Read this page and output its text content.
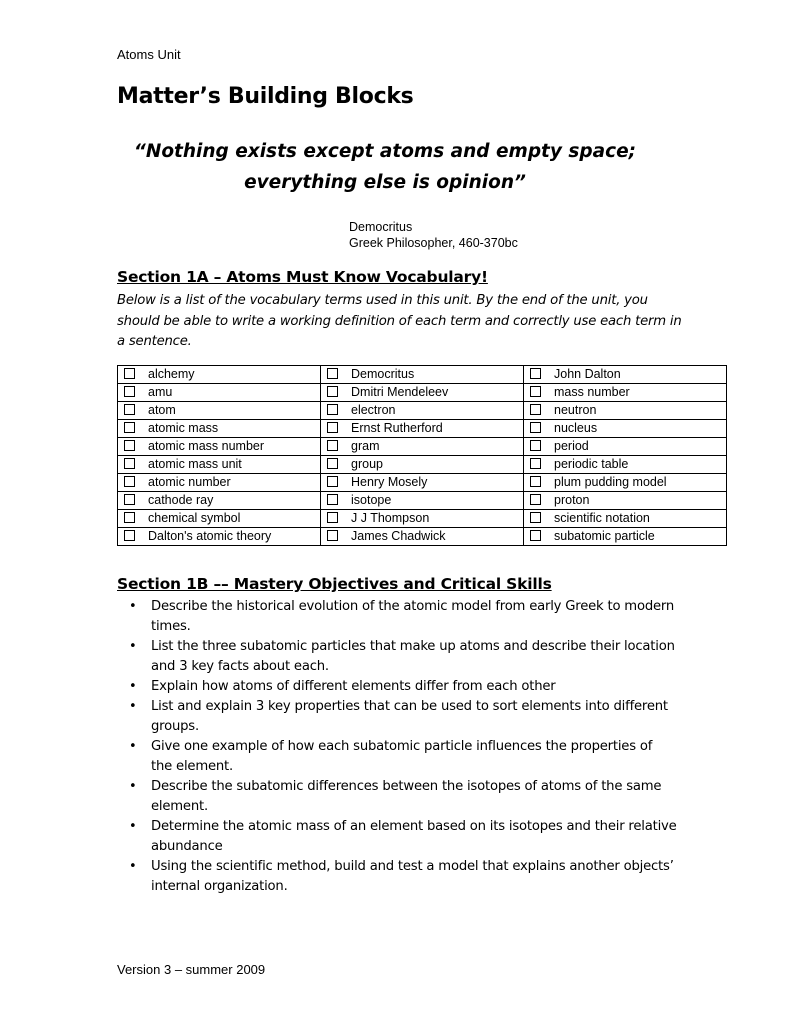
Atoms Unit
Matter’s Building Blocks
“Nothing exists except atoms and empty space;
everything else is opinion”
Democritus
Greek Philosopher, 460-370bc
Section 1A – Atoms Must Know Vocabulary!
Below is a list of the vocabulary terms used in this unit. By the end of the unit, you should be able to write a working definition of each term and correctly use each term in a sentence.
alchemy	Democritus	John Dalton
amu	Dmitri Mendeleev	mass number
atom	electron	neutron
atomic mass	Ernst Rutherford	nucleus
atomic mass number	gram	period
atomic mass unit	group	periodic table
atomic number	Henry Mosely	plum pudding model
cathode ray	isotope	proton
chemical symbol	J J Thompson	scientific notation
Dalton's atomic theory	James Chadwick	subatomic particle
Section 1B –– Mastery Objectives and Critical Skills
• Describe the historical evolution of the atomic model from early Greek to modern times.
• List the three subatomic particles that make up atoms and describe their location and 3 key facts about each.
• Explain how atoms of different elements differ from each other
• List and explain 3 key properties that can be used to sort elements into different groups.
• Give one example of how each subatomic particle influences the properties of the element.
• Describe the subatomic differences between the isotopes of atoms of the same element.
• Determine the atomic mass of an element based on its isotopes and their relative abundance
• Using the scientific method, build and test a model that explains another objects’ internal organization.
Version 3 – summer 2009
